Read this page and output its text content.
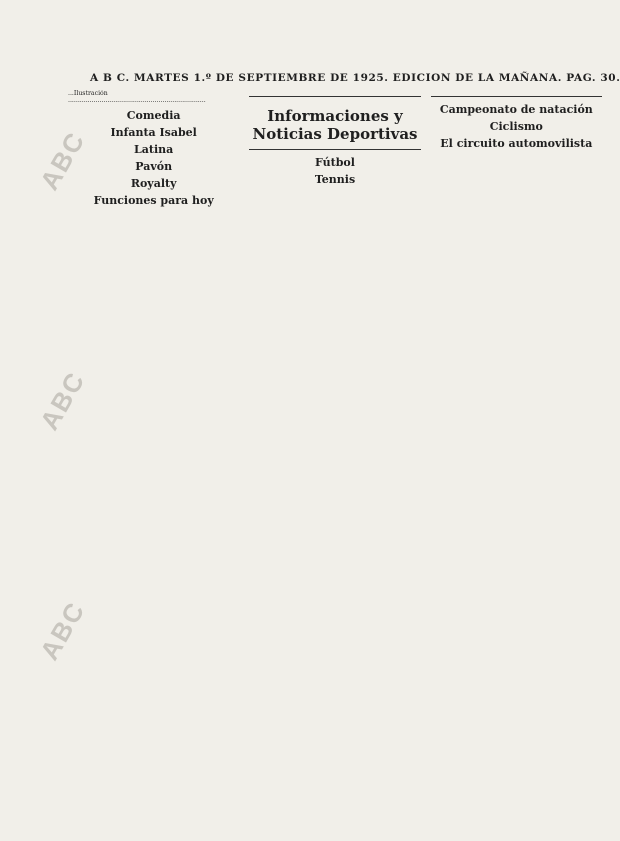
ABC
ABC
ABC
A B C. MARTES 1.º DE SEPTIEMBRE DE 1925. EDICION DE LA MAÑANA. PAG. 30.

...Ilustración ......................................................................

Comedia
Infanta Isabel
Latina
Pavón
Royalty
Funciones para hoy
Informaciones y Noticias Deportivas
Fútbol
Tennis
Campeonato de natación
Ciclismo
El circuito automovilista
